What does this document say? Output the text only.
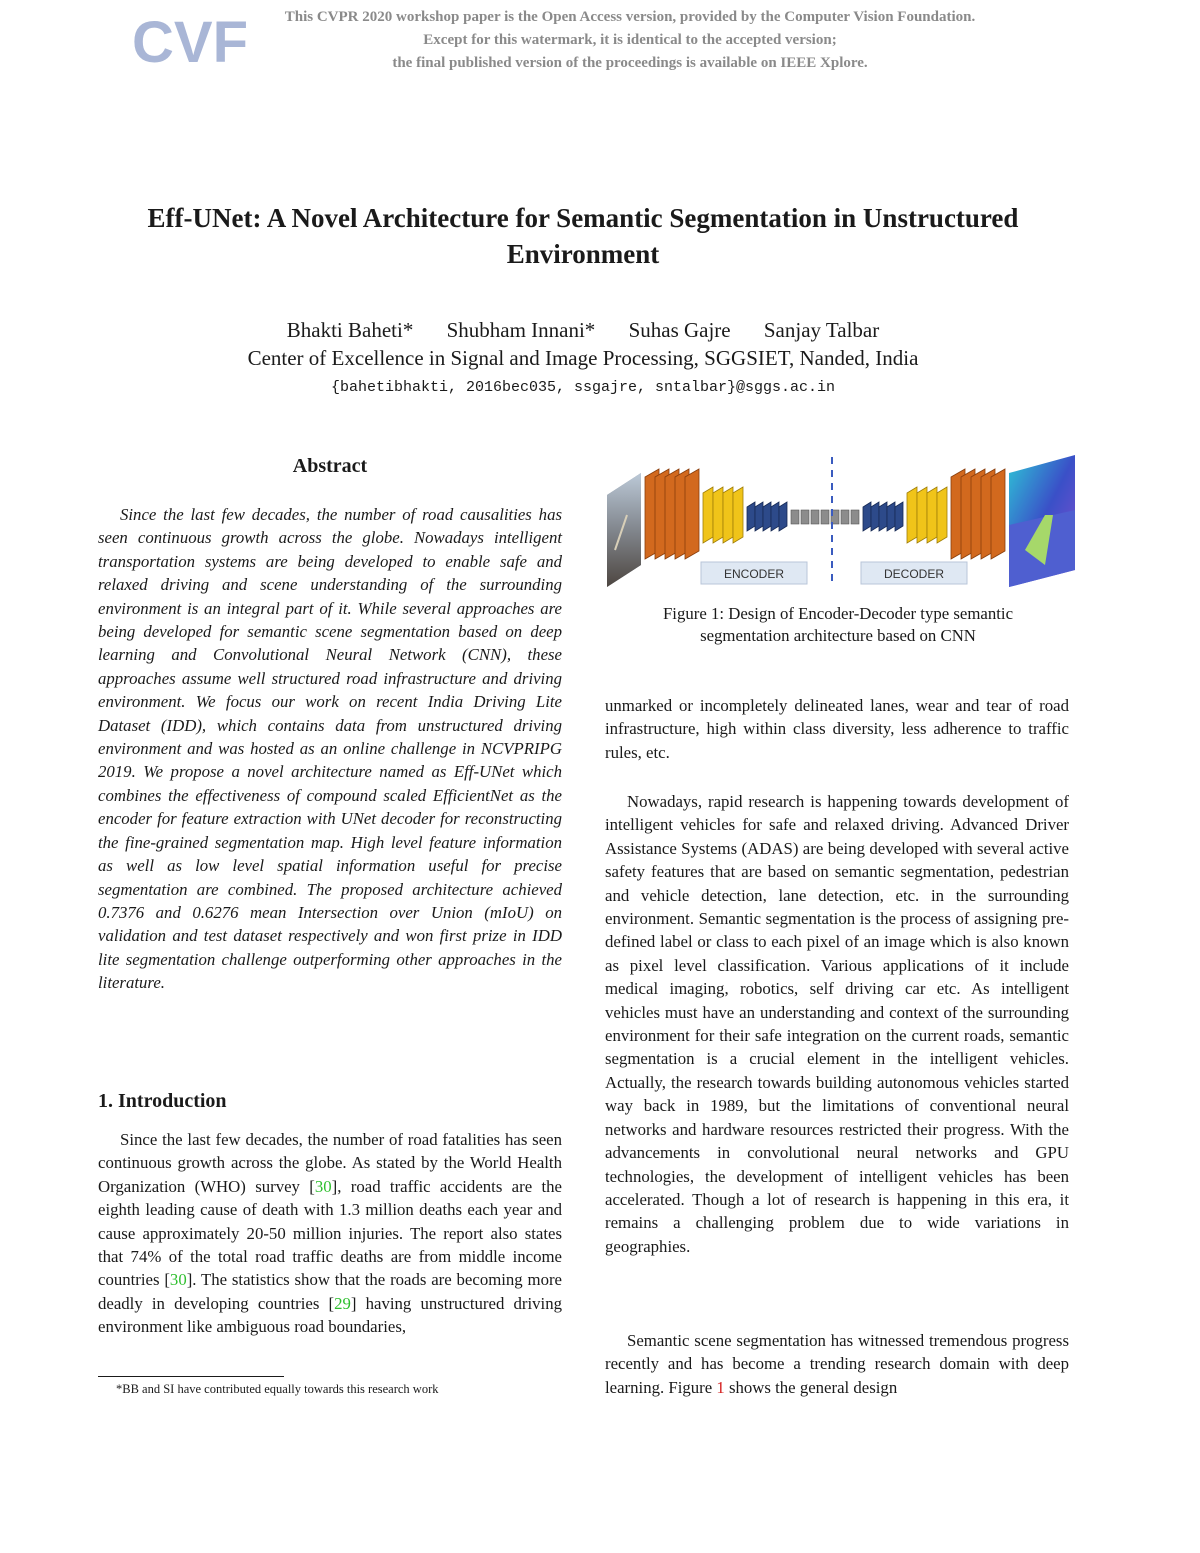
CVF	This CVPR 2020 workshop paper is the Open Access version, provided by the Computer Vision Foundation.
Except for this watermark, it is identical to the accepted version;
the final published version of the proceedings is available on IEEE Xplore.
Eff-UNet: A Novel Architecture for Semantic Segmentation in Unstructured
Environment
Bhakti Baheti* Shubham Innani* Suhas Gajre Sanjay Talbar
Center of Excellence in Signal and Image Processing, SGGSIET, Nanded, India
{bahetibhakti, 2016bec035, ssgajre, sntalbar}@sggs.ac.in
Abstract

Since the last few decades, the number of road causalities has seen continuous growth across the globe. Nowadays intelligent transportation systems are being developed to enable safe and relaxed driving and scene understanding of the surrounding environment is an integral part of it. While several approaches are being developed for semantic scene segmentation based on deep learning and Convolutional Neural Network (CNN), these approaches assume well structured road infrastructure and driving environment. We focus our work on recent India Driving Lite Dataset (IDD), which contains data from unstructured driving environment and was hosted as an online challenge in NCVPRIPG 2019. We propose a novel architecture named as Eff-UNet which combines the effectiveness of compound scaled EfficientNet as the encoder for feature extraction with UNet decoder for reconstructing the fine-grained segmentation map. High level feature information as well as low level spatial information useful for precise segmentation are combined. The proposed architecture achieved 0.7376 and 0.6276 mean Intersection over Union (mIoU) on validation and test dataset respectively and won first prize in IDD lite segmentation challenge outperforming other approaches in the literature.

1. Introduction

Since the last few decades, the number of road fatalities has seen continuous growth across the globe. As stated by the World Health Organization (WHO) survey [30], road traffic accidents are the eighth leading cause of death with 1.3 million deaths each year and cause approximately 20-50 million injuries. The report also states that 74% of the total road traffic deaths are from middle income countries [30]. The statistics show that the roads are becoming more deadly in developing countries [29] having unstructured driving environment like ambiguous road boundaries,

*BB and SI have contributed equally towards this research work
ENCODER	DECODER
Figure 1: Design of Encoder-Decoder type semantic
segmentation architecture based on CNN

unmarked or incompletely delineated lanes, wear and tear of road infrastructure, high within class diversity, less adherence to traffic rules, etc.

Nowadays, rapid research is happening towards development of intelligent vehicles for safe and relaxed driving. Advanced Driver Assistance Systems (ADAS) are being developed with several active safety features that are based on semantic segmentation, pedestrian and vehicle detection, lane detection, etc. in the surrounding environment. Semantic segmentation is the process of assigning pre-defined label or class to each pixel of an image which is also known as pixel level classification. Various applications of it include medical imaging, robotics, self driving car etc. As intelligent vehicles must have an understanding and context of the surrounding environment for their safe integration on the current roads, semantic segmentation is a crucial element in the intelligent vehicles. Actually, the research towards building autonomous vehicles started way back in 1989, but the limitations of conventional neural networks and hardware resources restricted their progress. With the advancements in convolutional neural networks and GPU technologies, the development of intelligent vehicles has been accelerated. Though a lot of research is happening in this era, it remains a challenging problem due to wide variations in geographies.

Semantic scene segmentation has witnessed tremendous progress recently and has become a trending research domain with deep learning. Figure 1 shows the general design
